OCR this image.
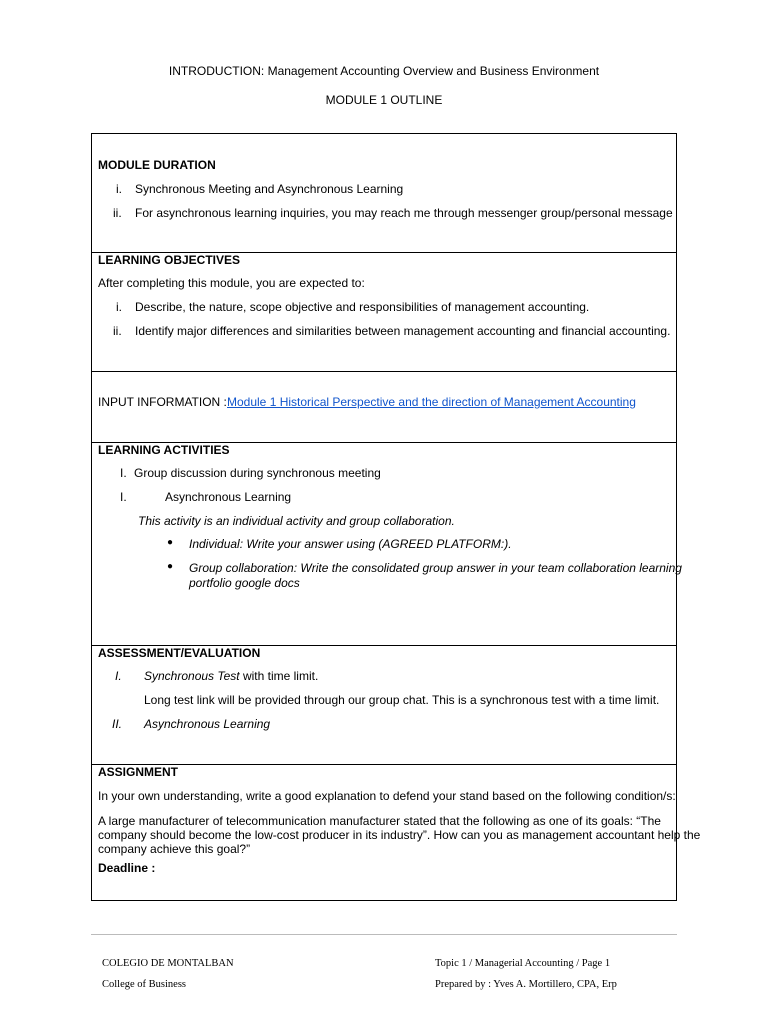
INTRODUCTION: Management Accounting Overview and Business Environment
MODULE 1 OUTLINE
MODULE DURATION
i. Synchronous Meeting and Asynchronous Learning
ii. For asynchronous learning inquiries, you may reach me through messenger group/personal message
LEARNING OBJECTIVES
After completing this module, you are expected to:
i. Describe, the nature, scope objective and responsibilities of management accounting.
ii. Identify major differences and similarities between management accounting and financial accounting.
INPUT INFORMATION : Module 1 Historical Perspective and the direction of Management Accounting
LEARNING ACTIVITIES
I. Group discussion during synchronous meeting
I.	Asynchronous Learning
This activity is an individual activity and group collaboration.
● Individual: Write your answer using (AGREED PLATFORM:).
● Group collaboration: Write the consolidated group answer in your team collaboration learning
portfolio google docs
ASSESSMENT/EVALUATION
I. Synchronous Test with time limit.
Long test link will be provided through our group chat. This is a synchronous test with a time limit.
II. Asynchronous Learning
ASSIGNMENT
In your own understanding, write a good explanation to defend your stand based on the following condition/s:
A large manufacturer of telecommunication manufacturer stated that the following as one of its goals: “The
company should become the low-cost producer in its industry”. How can you as management accountant help the
company achieve this goal?”
Deadline :
COLEGIO DE MONTALBAN
College of Business
Topic 1 / Managerial Accounting / Page 1
Prepared by : Yves A. Mortillero, CPA, Erp
